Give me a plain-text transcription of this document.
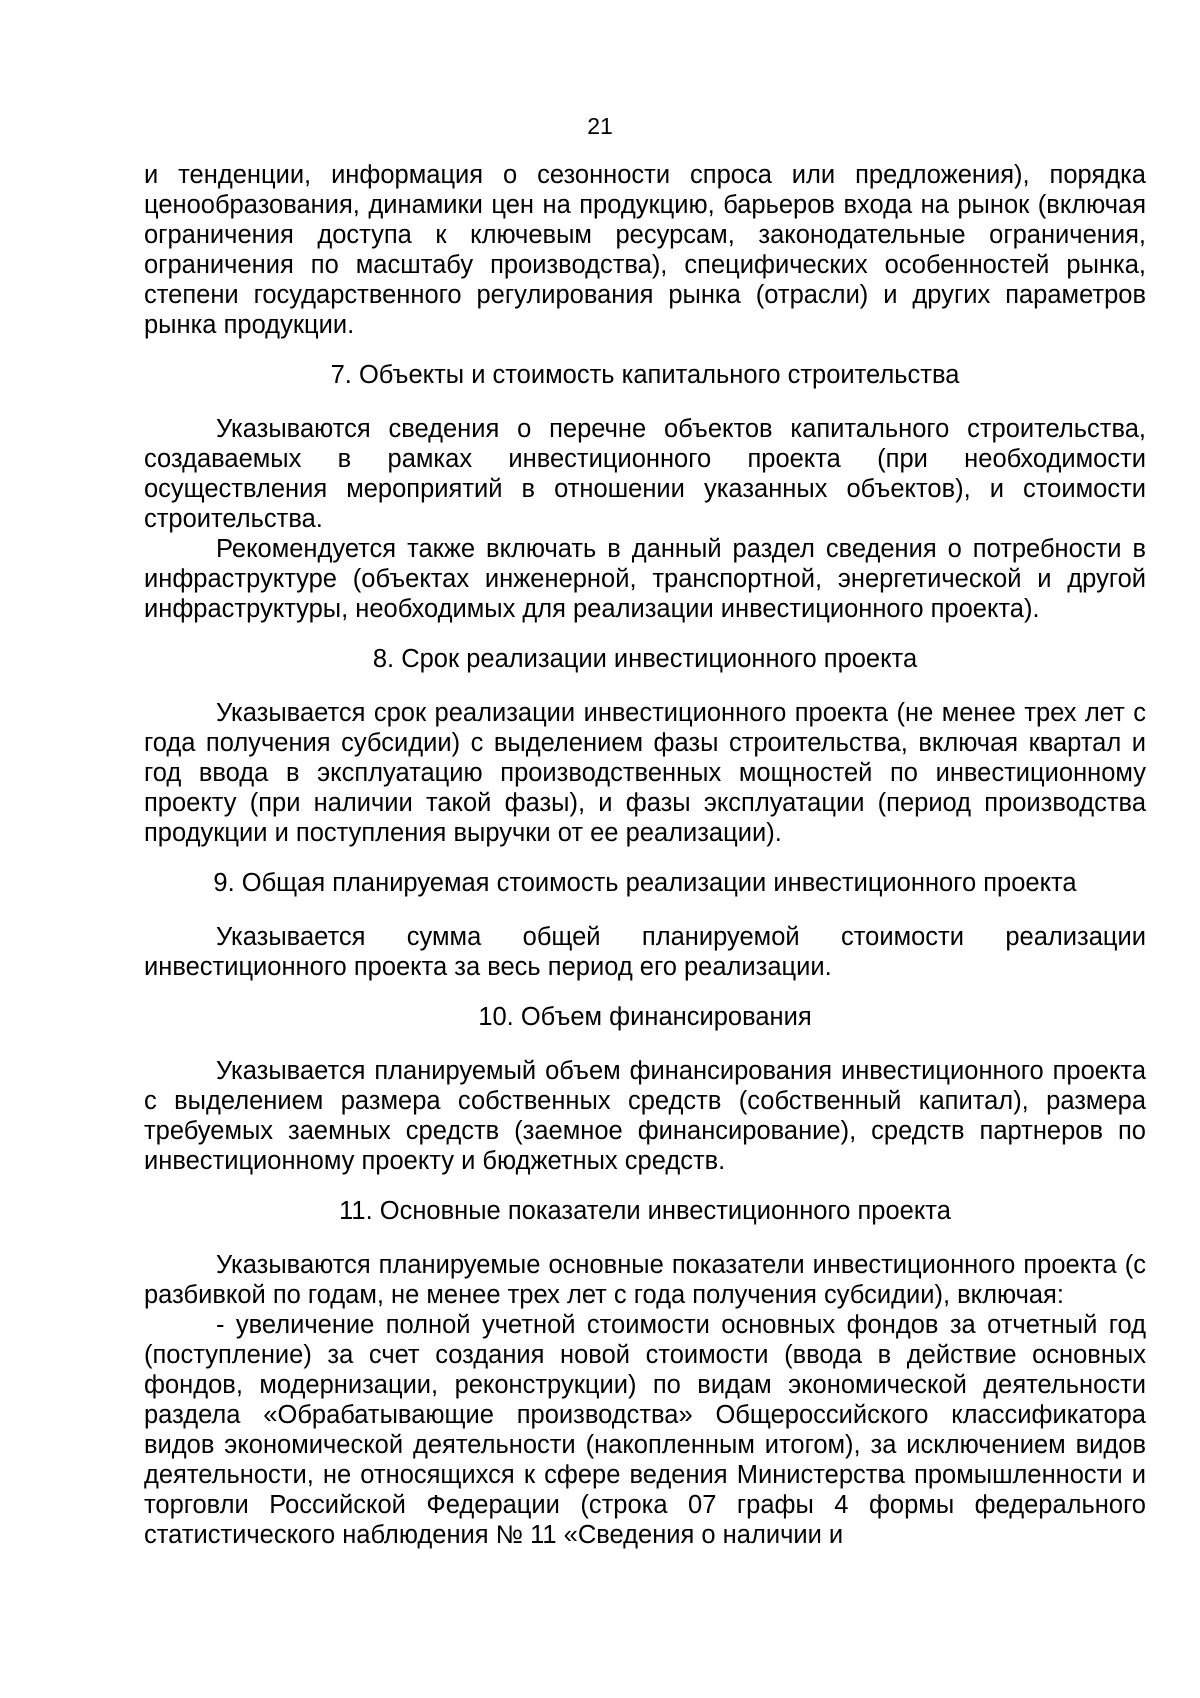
21

и тенденции, информация о сезонности спроса или предложения), порядка ценообразования, динамики цен на продукцию, барьеров входа на рынок (включая ограничения доступа к ключевым ресурсам, законодательные ограничения, ограничения по масштабу производства), специфических особенностей рынка, степени государственного регулирования рынка (отрасли) и других параметров рынка продукции.

7. Объекты и стоимость капитального строительства

Указываются сведения о перечне объектов капитального строительства, создаваемых в рамках инвестиционного проекта (при необходимости осуществления мероприятий в отношении указанных объектов), и стоимости строительства.

Рекомендуется также включать в данный раздел сведения о потребности в инфраструктуре (объектах инженерной, транспортной, энергетической и другой инфраструктуры, необходимых для реализации инвестиционного проекта).

8. Срок реализации инвестиционного проекта

Указывается срок реализации инвестиционного проекта (не менее трех лет с года получения субсидии) с выделением фазы строительства, включая квартал и год ввода в эксплуатацию производственных мощностей по инвестиционному проекту (при наличии такой фазы), и фазы эксплуатации (период производства продукции и поступления выручки от ее реализации).

9. Общая планируемая стоимость реализации инвестиционного проекта

Указывается сумма общей планируемой стоимости реализации инвестиционного проекта за весь период его реализации.

10. Объем финансирования

Указывается планируемый объем финансирования инвестиционного проекта с выделением размера собственных средств (собственный капитал), размера требуемых заемных средств (заемное финансирование), средств партнеров по инвестиционному проекту и бюджетных средств.

11. Основные показатели инвестиционного проекта

Указываются планируемые основные показатели инвестиционного проекта (с разбивкой по годам, не менее трех лет с года получения субсидии), включая:

- увеличение полной учетной стоимости основных фондов за отчетный год (поступление) за счет создания новой стоимости (ввода в действие основных фондов, модернизации, реконструкции) по видам экономической деятельности раздела «Обрабатывающие производства» Общероссийского классификатора видов экономической деятельности (накопленным итогом), за исключением видов деятельности, не относящихся к сфере ведения Министерства промышленности и торговли Российской Федерации (строка 07 графы 4 формы федерального статистического наблюдения № 11 «Сведения о наличии и
